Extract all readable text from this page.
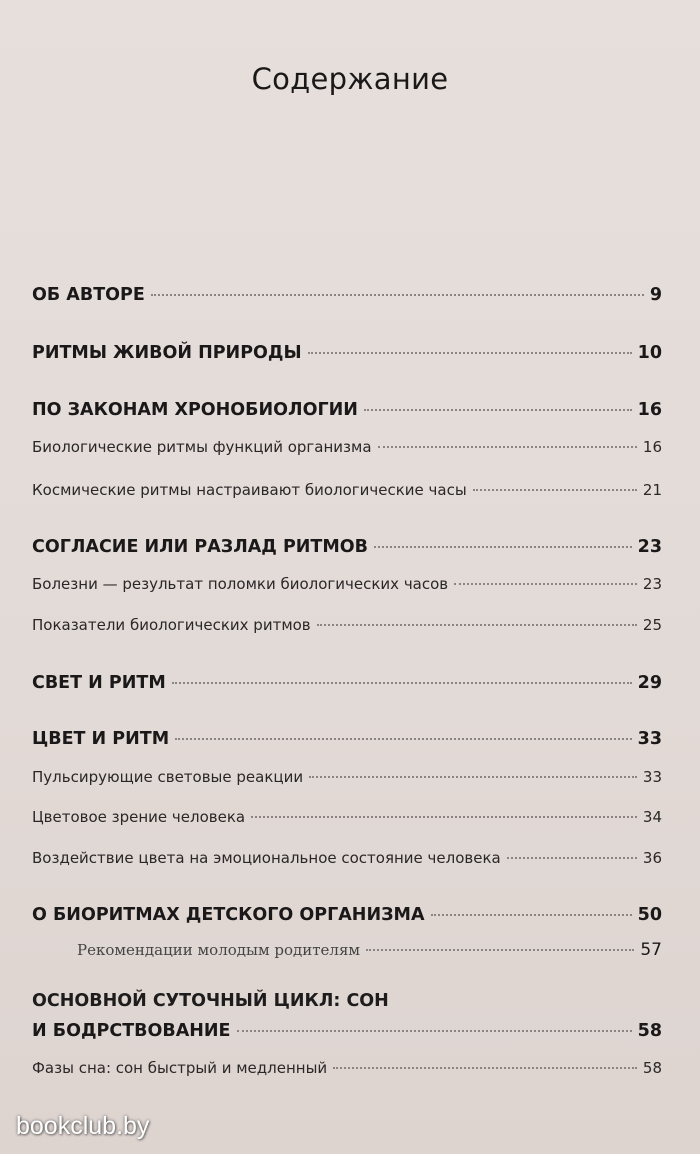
Содержание
ОБ АВТОРЕ	9
РИТМЫ ЖИВОЙ ПРИРОДЫ	10
ПО ЗАКОНАМ ХРОНОБИОЛОГИИ	16
Биологические ритмы функций организма	16
Космические ритмы настраивают биологические часы	21
СОГЛАСИЕ ИЛИ РАЗЛАД РИТМОВ	23
Болезни — результат поломки биологических часов	23
Показатели биологических ритмов	25
СВЕТ И РИТМ	29
ЦВЕТ И РИТМ	33
Пульсирующие световые реакции	33
Цветовое зрение человека	34
Воздействие цвета на эмоциональное состояние человека	36
О БИОРИТМАХ ДЕТСКОГО ОРГАНИЗМА	50
Рекомендации молодым родителям	57
ОСНОВНОЙ СУТОЧНЫЙ ЦИКЛ: СОН
И БОДРСТВОВАНИЕ	58
Фазы сна: сон быстрый и медленный	58
bookclub.by
